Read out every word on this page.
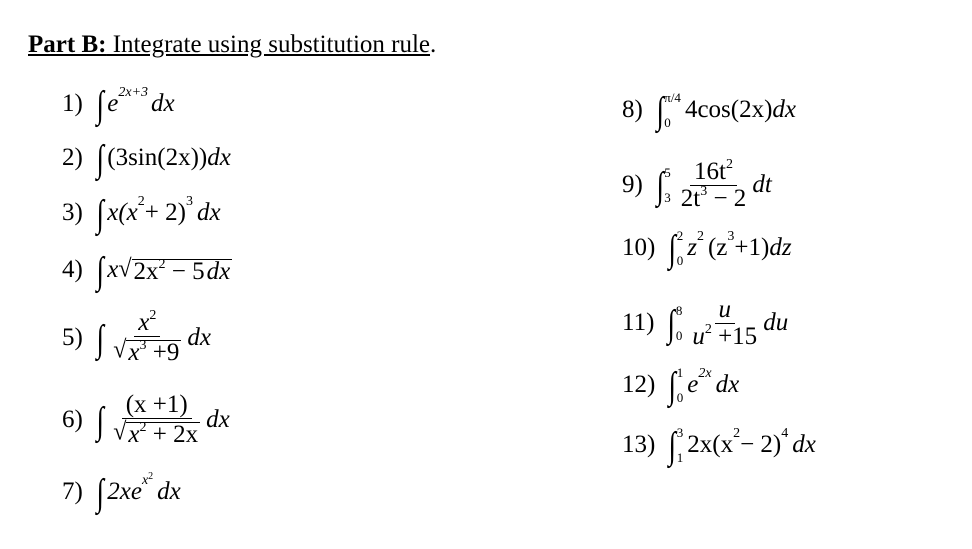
Part B: Integrate using substitution rule.
1) ∫ e $^{2x+3}$ dx
2) ∫ (3sin(2x)) dx
3) ∫ $x(x^2 + 2)^3$ dx
4) ∫ x √ $2x^2 - 5dx$
5) ∫ $\frac{x^2}{√ x^3 +9}$ dx
6) ∫ $\frac{(x +1)}{√ x^2 + 2x}$ dx
7) ∫ 2xe $^{x^2}$
dx
8) ∫ π/4
0 4cos(2x) dx
9) ∫ 5
$3 \frac{16t^2}{2t^3 - 2}$ dt
10) ∫ 2
0 $z^2$ $(z^3 +1)$ dz
11) ∫ 8
$0 \frac{u}{u^2 +15}$ du
12) ∫ 1
0 e $^{2x}$ dx
13) ∫ 3
1 $2x(x^2 - 2)^4$ dx
